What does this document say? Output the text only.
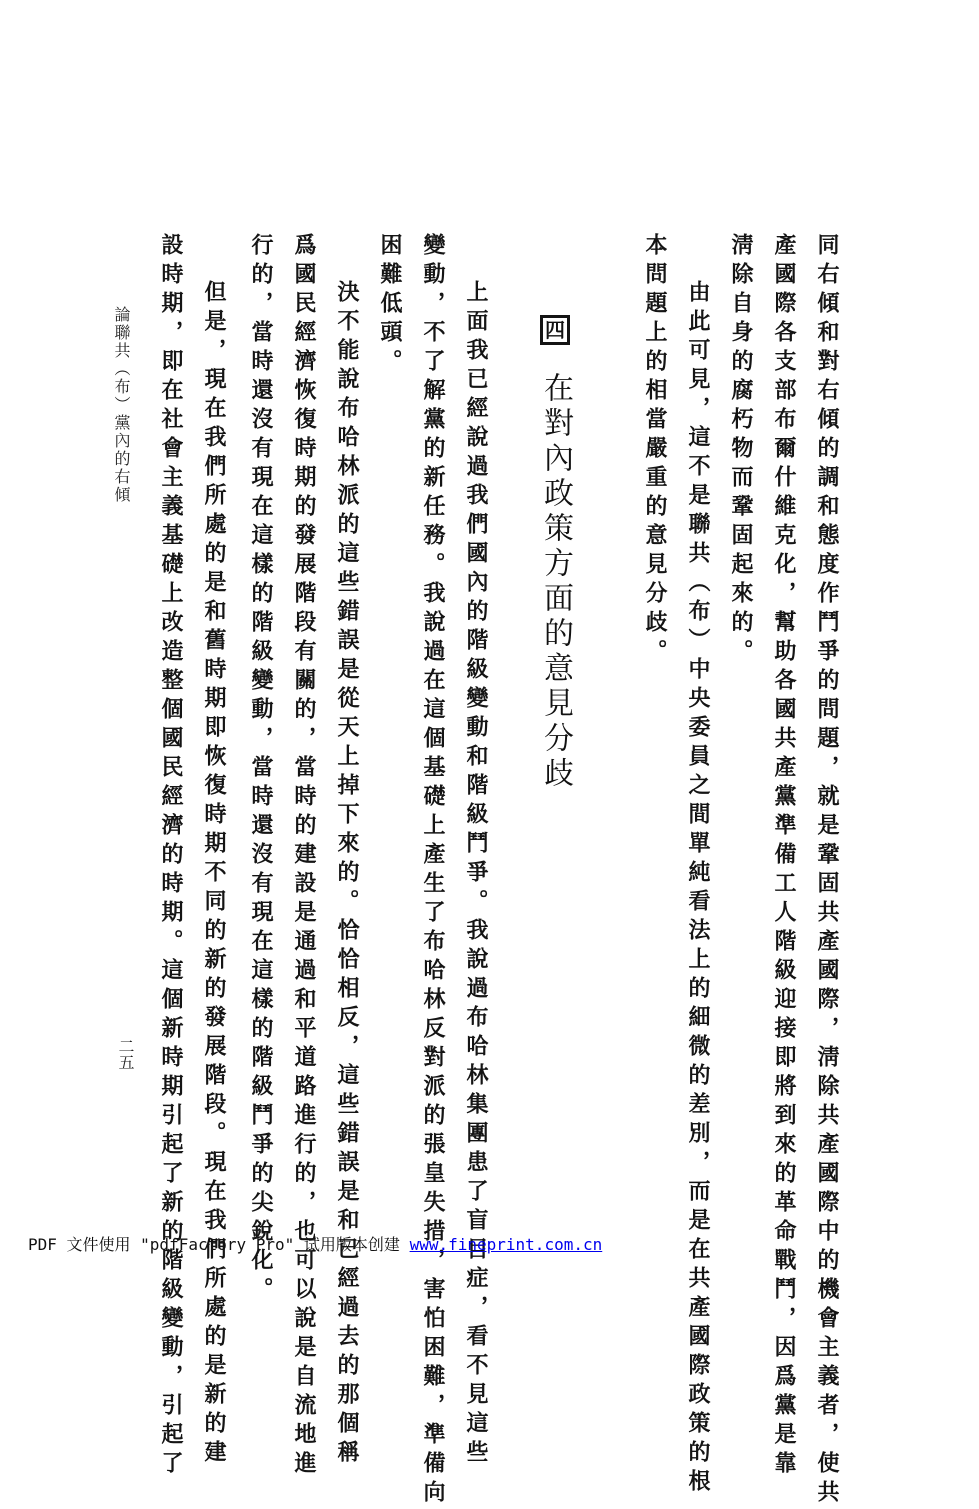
同右傾和對右傾的調和態度作鬥爭的問題，就是鞏固共產國際，淸除共產國際中的機會主義者，使共
產國際各支部布爾什維克化，幫助各國共產黨準備工人階級迎接即將到來的革命戰鬥，因爲黨是靠
淸除自身的腐朽物而鞏固起來的。
由此可見，這不是聯共（布）中央委員之間單純看法上的細微的差別，而是在共產國際政策的根
本問題上的相當嚴重的意見分歧。
四
在對內政策方面的意見分歧
上面我已經說過我們國內的階級變動和階級鬥爭。我說過布哈林集團患了盲目症，看不見這些
變動，不了解黨的新任務。我說過在這個基礎上產生了布哈林反對派的張皇失措，害怕困難，準備向
困難低頭。
決不能說布哈林派的這些錯誤是從天上掉下來的。恰恰相反，這些錯誤是和已經過去的那個稱
爲國民經濟恢復時期的發展階段有關的，當時的建設是通過和平道路進行的，也可以說是自流地進
行的，當時還沒有現在這樣的階級變動，當時還沒有現在這樣的階級鬥爭的尖銳化。
但是，現在我們所處的是和舊時期即恢復時期不同的新的發展階段。現在我們所處的是新的建
設時期，即在社會主義基礎上改造整個國民經濟的時期。這個新時期引起了新的階級變動，引起了
論聯共（布）黨內的右傾
二五
PDF 文件使用 "pdfFactory Pro" 试用版本创建 www.fineprint.com.cn
